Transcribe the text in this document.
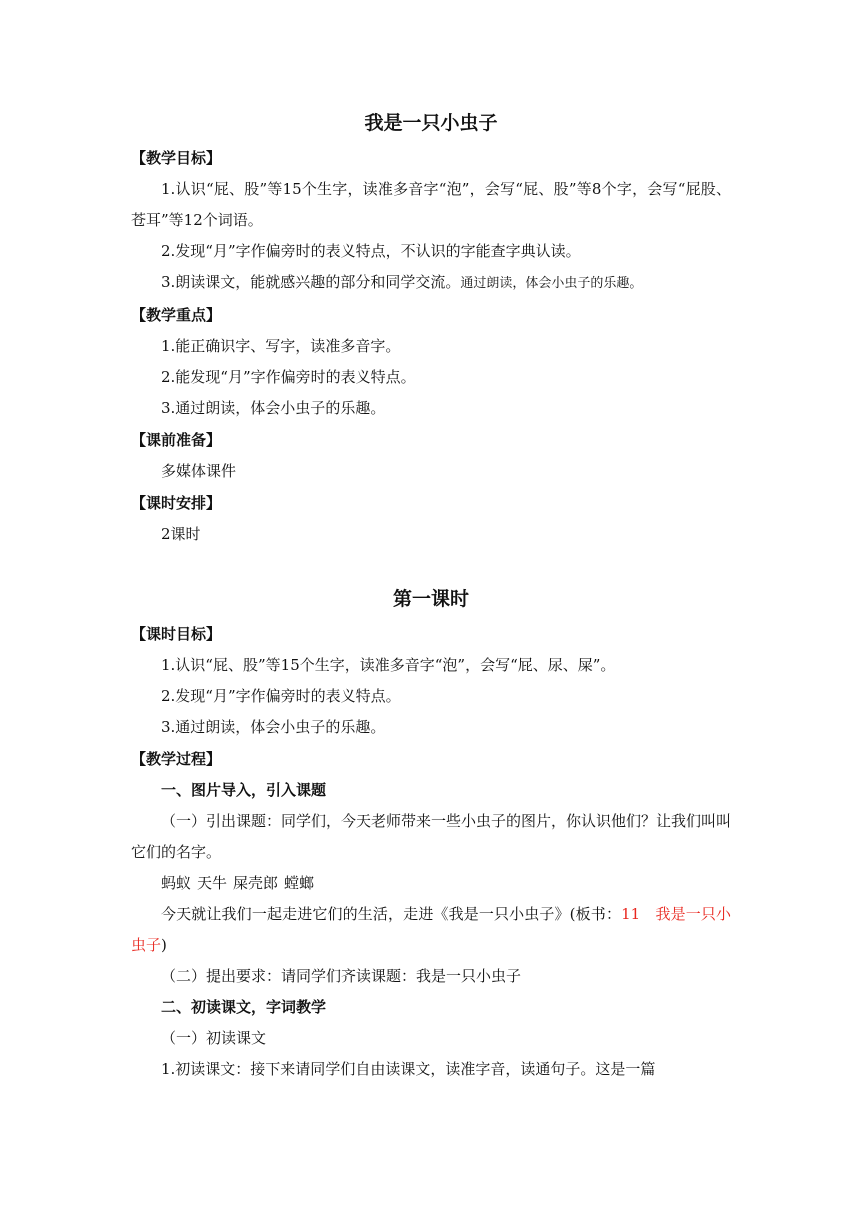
我是一只小虫子
【教学目标】

1.认识“屁、股”等15个生字，读准多音字“泡”，会写“屁、股”等8个字，会写“屁股、苍耳”等12个词语。

2.发现“月”字作偏旁时的表义特点，不认识的字能查字典认读。

3.朗读课文，能就感兴趣的部分和同学交流。通过朗读，体会小虫子的乐趣。

【教学重点】

1.能正确识字、写字，读准多音字。

2.能发现“月”字作偏旁时的表义特点。

3.通过朗读，体会小虫子的乐趣。

【课前准备】

多媒体课件

【课时安排】

2课时

第一课时
【课时目标】

1.认识“屁、股”等15个生字，读准多音字“泡”，会写“屁、尿、屎”。

2.发现“月”字作偏旁时的表义特点。

3.通过朗读，体会小虫子的乐趣。

【教学过程】

一、图片导入，引入课题

（一）引出课题：同学们，今天老师带来一些小虫子的图片，你认识他们？让我们叫叫它们的名字。

蚂蚁 天牛 屎壳郎 螳螂

今天就让我们一起走进它们的生活，走进《我是一只小虫子》(板书：11　我是一只小虫子)

（二）提出要求：请同学们齐读课题：我是一只小虫子

二、初读课文，字词教学

（一）初读课文

1.初读课文：接下来请同学们自由读课文，读准字音，读通句子。这是一篇
